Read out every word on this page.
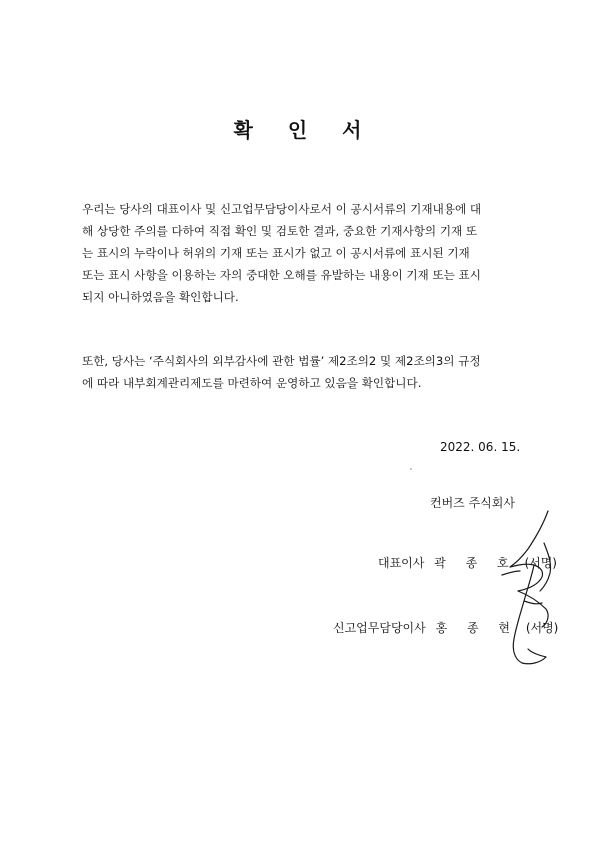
확 인 서
우리는 당사의 대표이사 및 신고업무담당이사로서 이 공시서류의 기재내용에 대
해 상당한 주의를 다하여 직접 확인 및 검토한 결과, 중요한 기재사항의 기재 또
는 표시의 누락이나 허위의 기재 또는 표시가 없고 이 공시서류에 표시된 기재
또는 표시 사항을 이용하는 자의 중대한 오해를 유발하는 내용이 기재 또는 표시
되지 아니하였음을 확인합니다.
또한, 당사는 ‘주식회사의 외부감사에 관한 법률’ 제2조의2 및 제2조의3의 규정
에 따라 내부회계관리제도를 마련하여 운영하고 있음을 확인합니다.
2022. 06. 15.
컨버즈 주식회사
대표이사 곽 종 호 (서명)
신고업무담당이사 홍 종 현 (서명)
